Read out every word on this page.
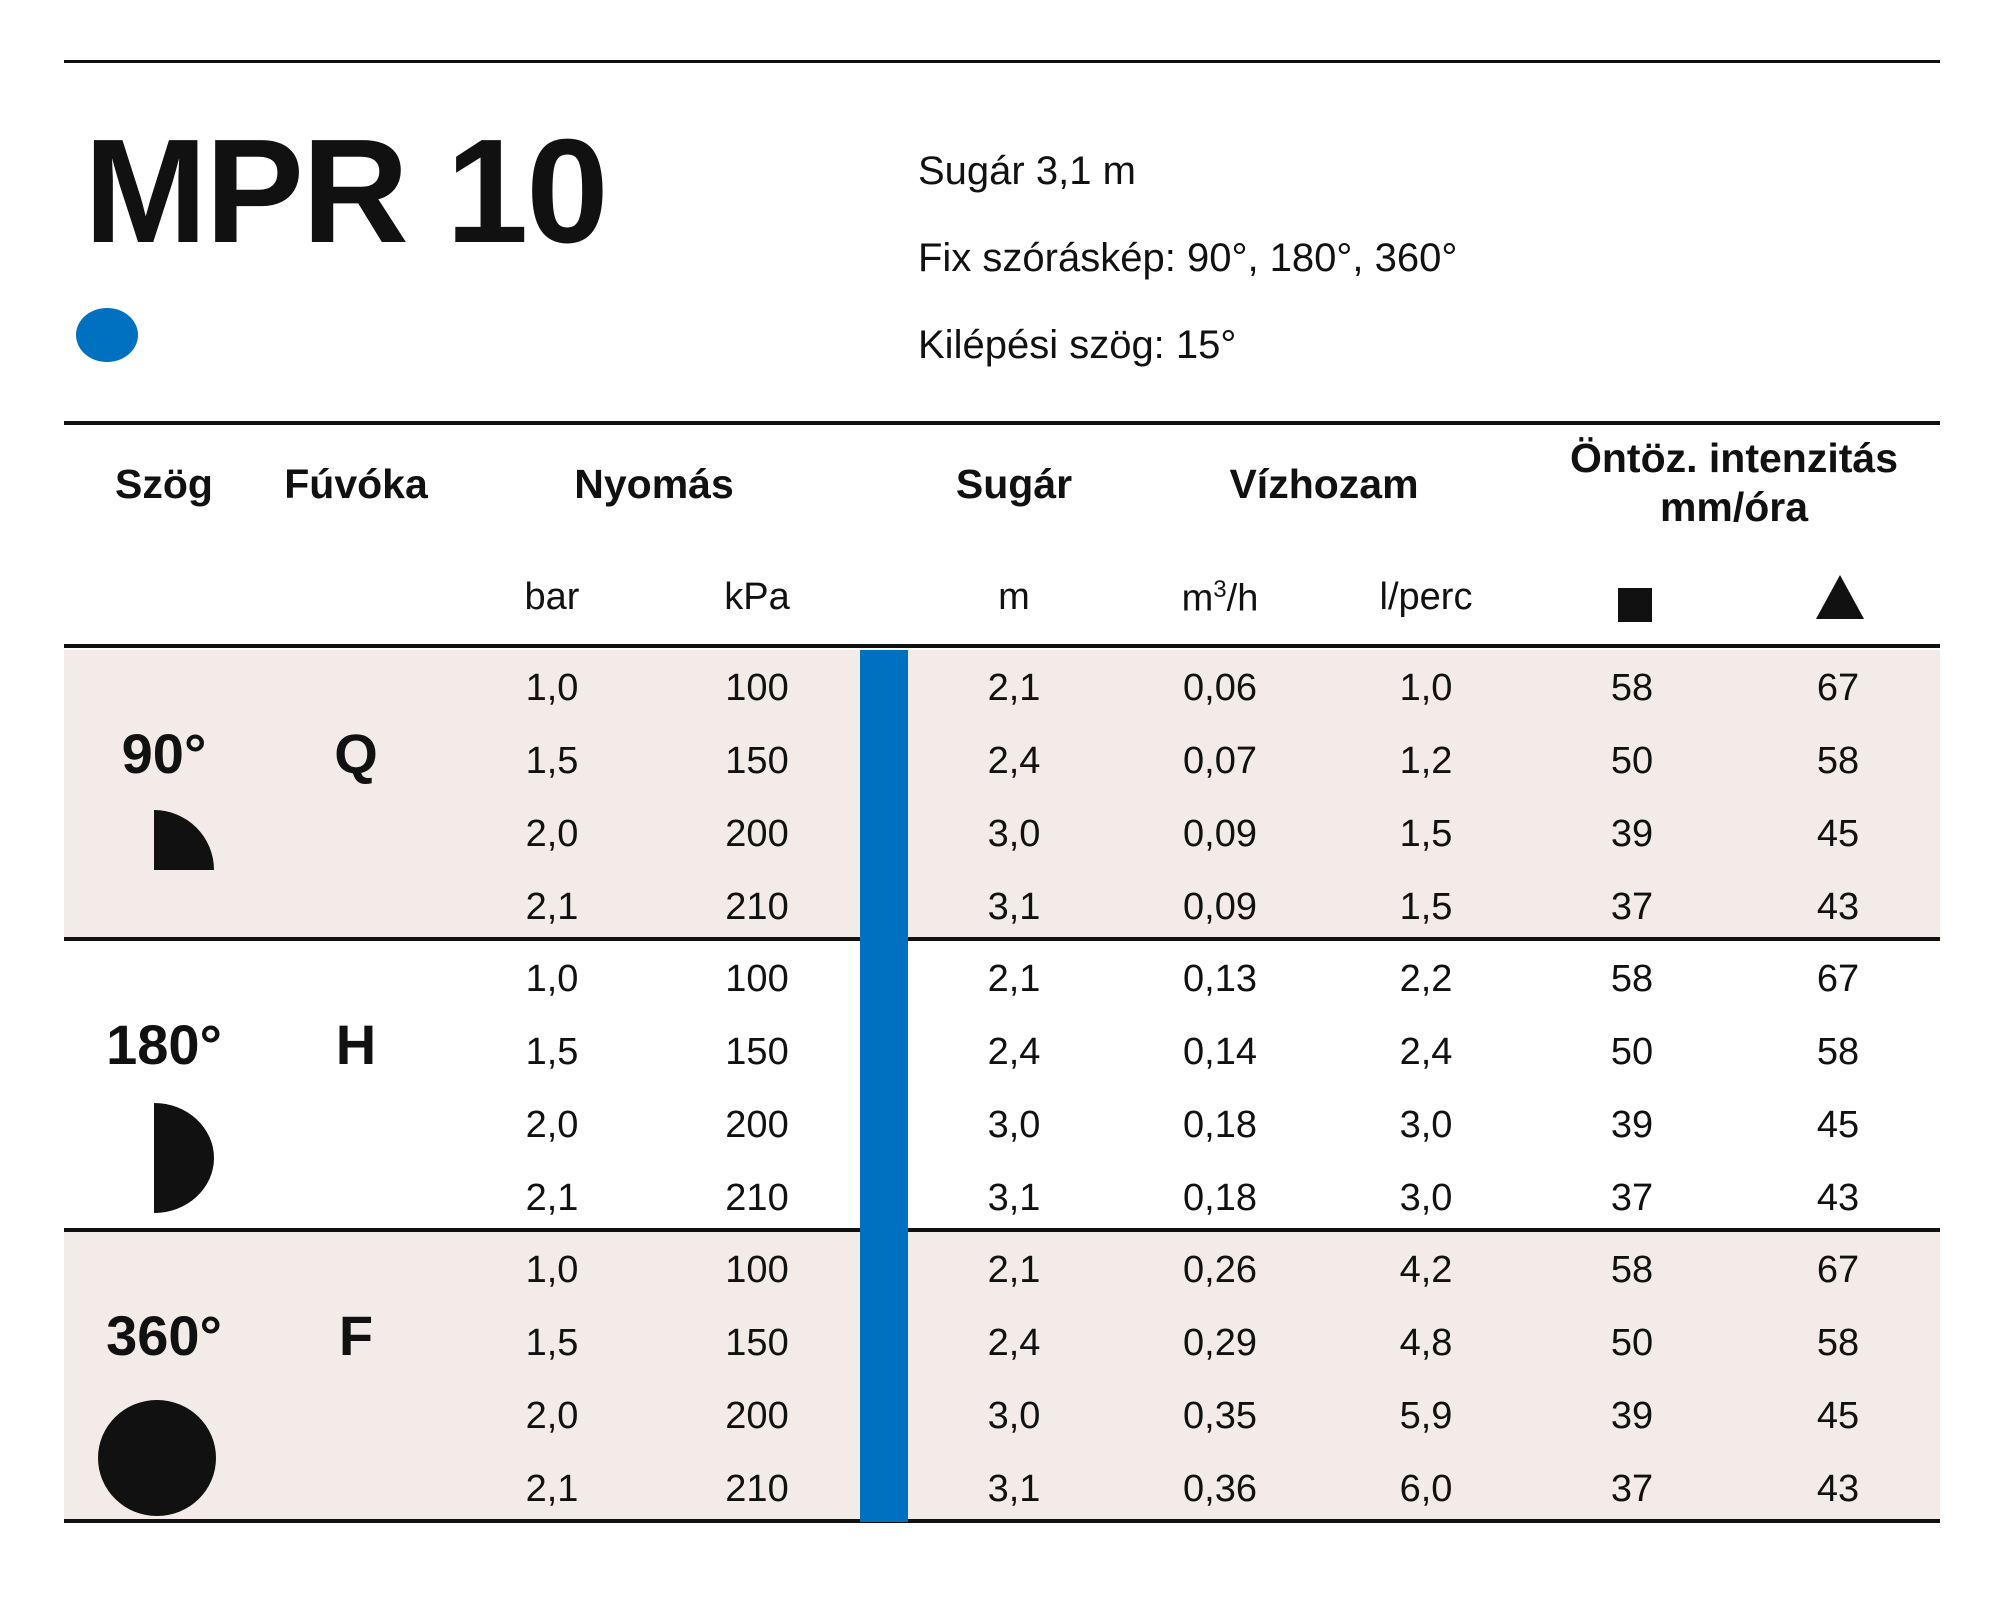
MPR 10	Sugár 3,1 m
Fix szóráskép: 90°, 180°, 360°
Kilépési szög: 15°
Szög Fúvóka	Nyomás	Sugár	Vízhozam
Öntöz. intenzitás
mm/óra
bar	kPa	m	$m^3/h$	l/perc
90° Q
1,0	100	2,1	0,06	1,0	58	67
1,5	150	2,4	0,07	1,2	50	58
2,0	200	3,0	0,09	1,5	39	45
2,1	210	3,1	0,09	1,5	37	43
180° H
1,0	100	2,1	0,13	2,2	58	67
1,5	150	2,4	0,14	2,4	50	58
2,0	200	3,0	0,18	3,0	39	45
2,1	210	3,1	0,18	3,0	37	43
360° F
1,0	100	2,1	0,26	4,2	58	67
1,5	150	2,4	0,29	4,8	50	58
2,0	200	3,0	0,35	5,9	39	45
2,1	210	3,1	0,36	6,0	37	43
